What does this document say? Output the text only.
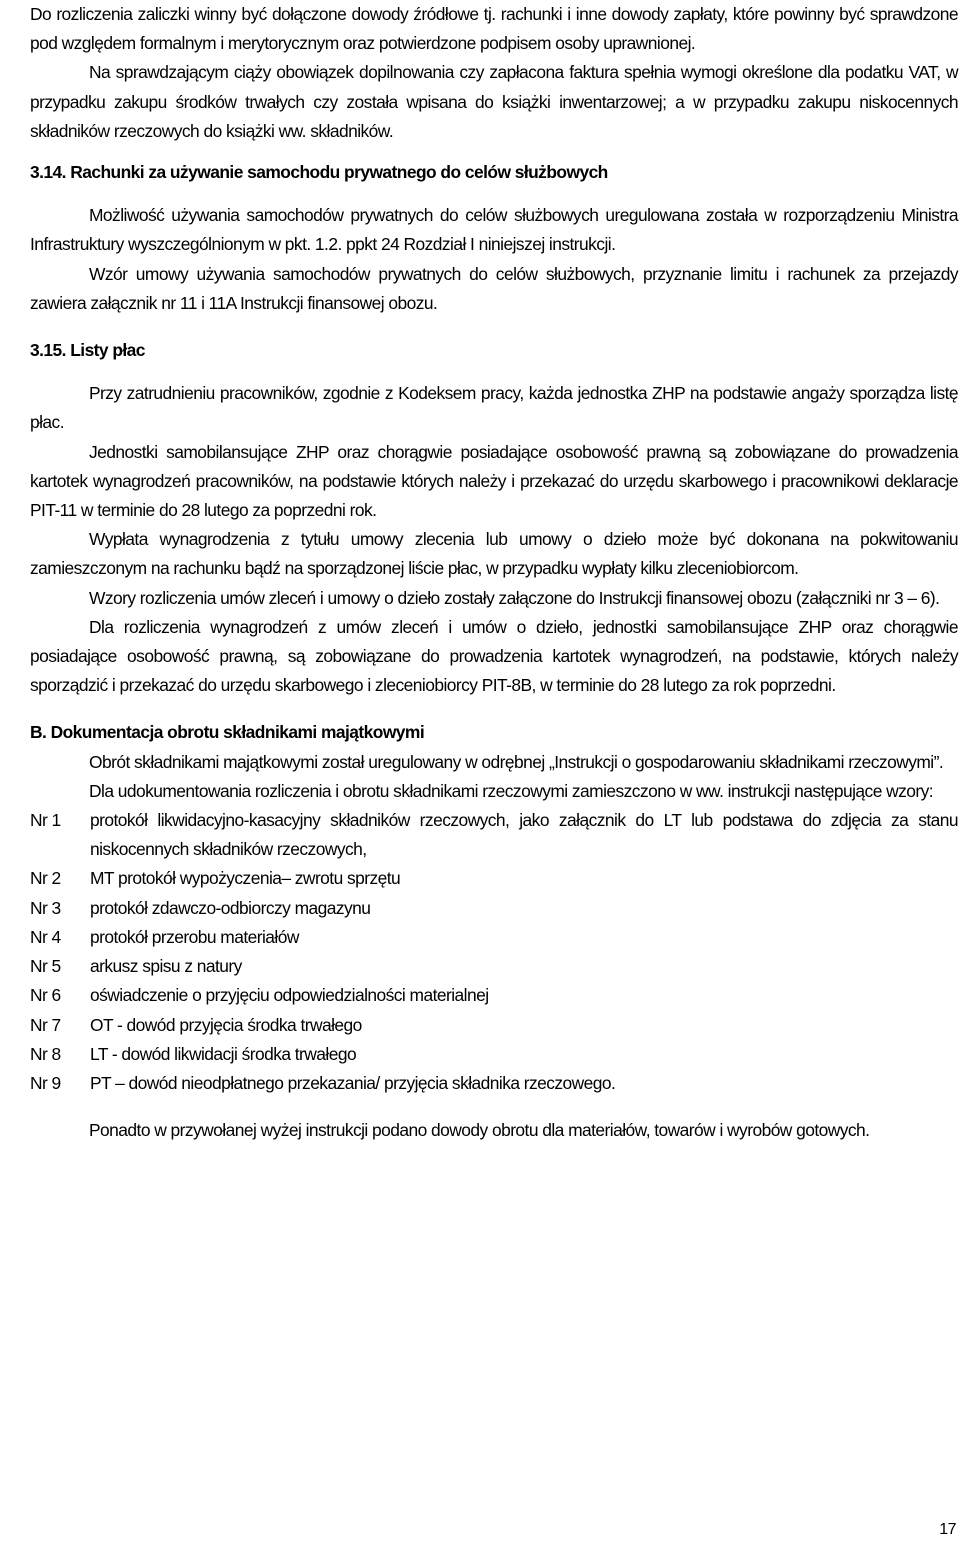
Do rozliczenia zaliczki winny być dołączone dowody źródłowe tj. rachunki i inne dowody zapłaty, które powinny być sprawdzone pod względem formalnym i merytorycznym oraz potwierdzone podpisem osoby uprawnionej.

Na sprawdzającym ciąży obowiązek dopilnowania czy zapłacona faktura spełnia wymogi określone dla podatku VAT, w przypadku zakupu środków trwałych czy została wpisana do książki inwentarzowej; a w przypadku zakupu niskocennych składników rzeczowych do książki ww. składników.

3.14. Rachunki za używanie samochodu prywatnego do celów służbowych

Możliwość używania samochodów prywatnych do celów służbowych uregulowana została w rozporządzeniu Ministra Infrastruktury wyszczególnionym w pkt. 1.2. ppkt 24 Rozdział I niniejszej instrukcji.

Wzór umowy używania samochodów prywatnych do celów służbowych, przyznanie limitu i rachunek za przejazdy zawiera załącznik nr 11 i 11A Instrukcji finansowej obozu.

3.15. Listy płac

Przy zatrudnieniu pracowników, zgodnie z Kodeksem pracy, każda jednostka ZHP na podstawie angaży sporządza listę płac.

Jednostki samobilansujące ZHP oraz chorągwie posiadające osobowość prawną są zobowiązane do prowadzenia kartotek wynagrodzeń pracowników, na podstawie których należy i przekazać do urzędu skarbowego i pracownikowi deklaracje PIT-11 w terminie do 28 lutego za poprzedni rok.

Wypłata wynagrodzenia z tytułu umowy zlecenia lub umowy o dzieło może być dokonana na pokwitowaniu zamieszczonym na rachunku bądź na sporządzonej liście płac, w przypadku wypłaty kilku zleceniobiorcom.

Wzory rozliczenia umów zleceń i umowy o dzieło zostały załączone do Instrukcji finansowej obozu (załączniki nr 3 – 6).

Dla rozliczenia wynagrodzeń z umów zleceń i umów o dzieło, jednostki samobilansujące ZHP oraz chorągwie posiadające osobowość prawną, są zobowiązane do prowadzenia kartotek wynagrodzeń, na podstawie, których należy sporządzić i przekazać do urzędu skarbowego i zleceniobiorcy PIT-8B, w terminie do 28 lutego za rok poprzedni.

B. Dokumentacja obrotu składnikami majątkowymi

Obrót składnikami majątkowymi został uregulowany w odrębnej „Instrukcji o gospodarowaniu składnikami rzeczowymi”.

Dla udokumentowania rozliczenia i obrotu składnikami rzeczowymi zamieszczono w ww. instrukcji następujące wzory:

Nr 1	protokół likwidacyjno-kasacyjny składników rzeczowych, jako załącznik do LT lub podstawa do zdjęcia za stanu niskocennych składników rzeczowych,
Nr 2	MT protokół wypożyczenia– zwrotu sprzętu
Nr 3	protokół zdawczo-odbiorczy magazynu
Nr 4	protokół przerobu materiałów
Nr 5	arkusz spisu z natury
Nr 6	oświadczenie o przyjęciu odpowiedzialności materialnej
Nr 7	OT - dowód przyjęcia środka trwałego
Nr 8	LT - dowód likwidacji środka trwałego
Nr 9	PT – dowód nieodpłatnego przekazania/ przyjęcia składnika rzeczowego.

Ponadto w przywołanej wyżej instrukcji podano dowody obrotu dla materiałów, towarów i wyrobów gotowych.

17
